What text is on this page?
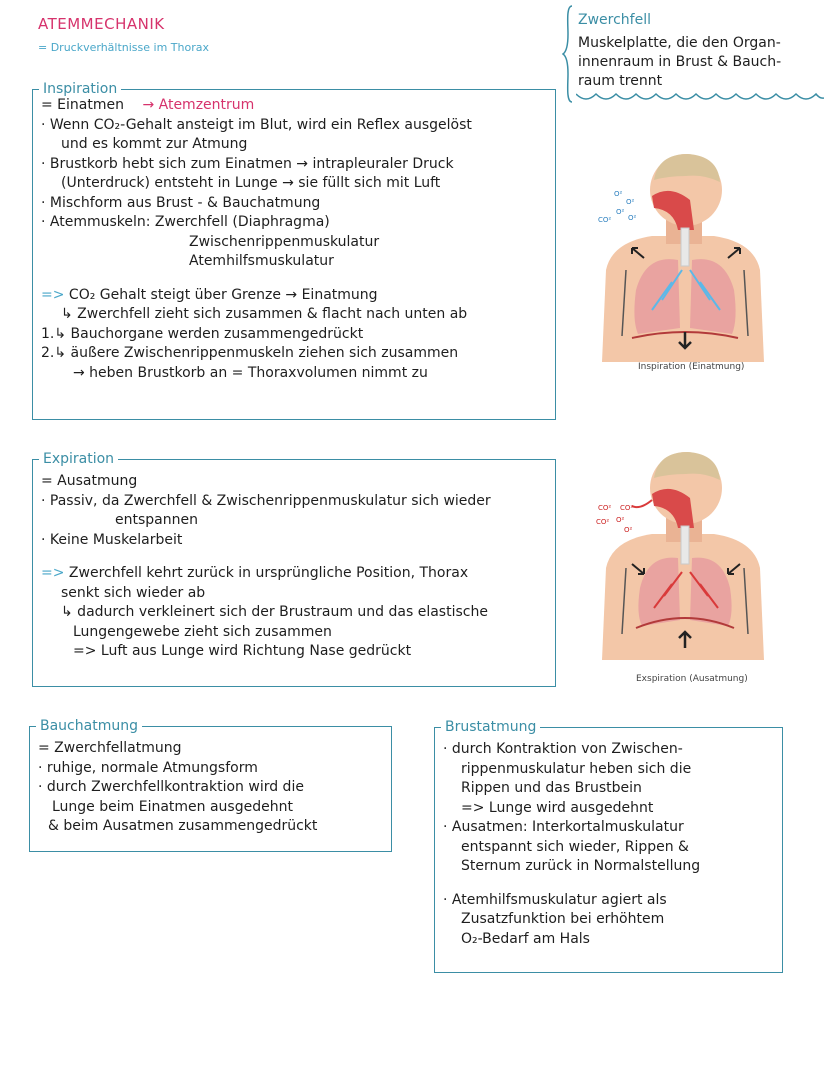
ATEMMECHANIK
= Druckverhältnisse im Thorax
Zwerchfell
Muskelplatte, die den Organ-
innenraum in Brust & Bauch-
raum trennt
Inspiration
= Einatmen → Atemzentrum
· Wenn CO₂-Gehalt ansteigt im Blut, wird ein Reflex ausgelöst
und es kommt zur Atmung
· Brustkorb hebt sich zum Einatmen → intrapleuraler Druck
(Unterdruck) entsteht in Lunge → sie füllt sich mit Luft
· Mischform aus Brust - & Bauchatmung
· Atemmuskeln: Zwerchfell (Diaphragma)
Zwischenrippenmuskulatur
Atemhilfsmuskulatur
=> CO₂ Gehalt steigt über Grenze → Einatmung
↳ Zwerchfell zieht sich zusammen & flacht nach unten ab
1.↳ Bauchorgane werden zusammengedrückt
2.↳ äußere Zwischenrippenmuskeln ziehen sich zusammen
→ heben Brustkorb an = Thoraxvolumen nimmt zu
Expiration
= Ausatmung
· Passiv, da Zwerchfell & Zwischenrippenmuskulatur sich wieder
entspannen
· Keine Muskelarbeit
=> Zwerchfell kehrt zurück in ursprüngliche Position, Thorax
senkt sich wieder ab
↳ dadurch verkleinert sich der Brustraum und das elastische
Lungengewebe zieht sich zusammen
=> Luft aus Lunge wird Richtung Nase gedrückt
Bauchatmung
= Zwerchfellatmung
· ruhige, normale Atmungsform
· durch Zwerchfellkontraktion wird die
Lunge beim Einatmen ausgedehnt
& beim Ausatmen zusammengedrückt
Brustatmung
· durch Kontraktion von Zwischen-
rippenmuskulatur heben sich die
Rippen und das Brustbein
=> Lunge wird ausgedehnt
· Ausatmen: Interkortalmuskulatur
entspannt sich wieder, Rippen &
Sternum zurück in Normalstellung
· Atemhilfsmuskulatur agiert als
Zusatzfunktion bei erhöhtem
O₂-Bedarf am Hals
O²
O²
CO²
O²
O²
Inspiration (Einatmung)
CO² CO²
CO² O²
O²
Exspiration (Ausatmung)
